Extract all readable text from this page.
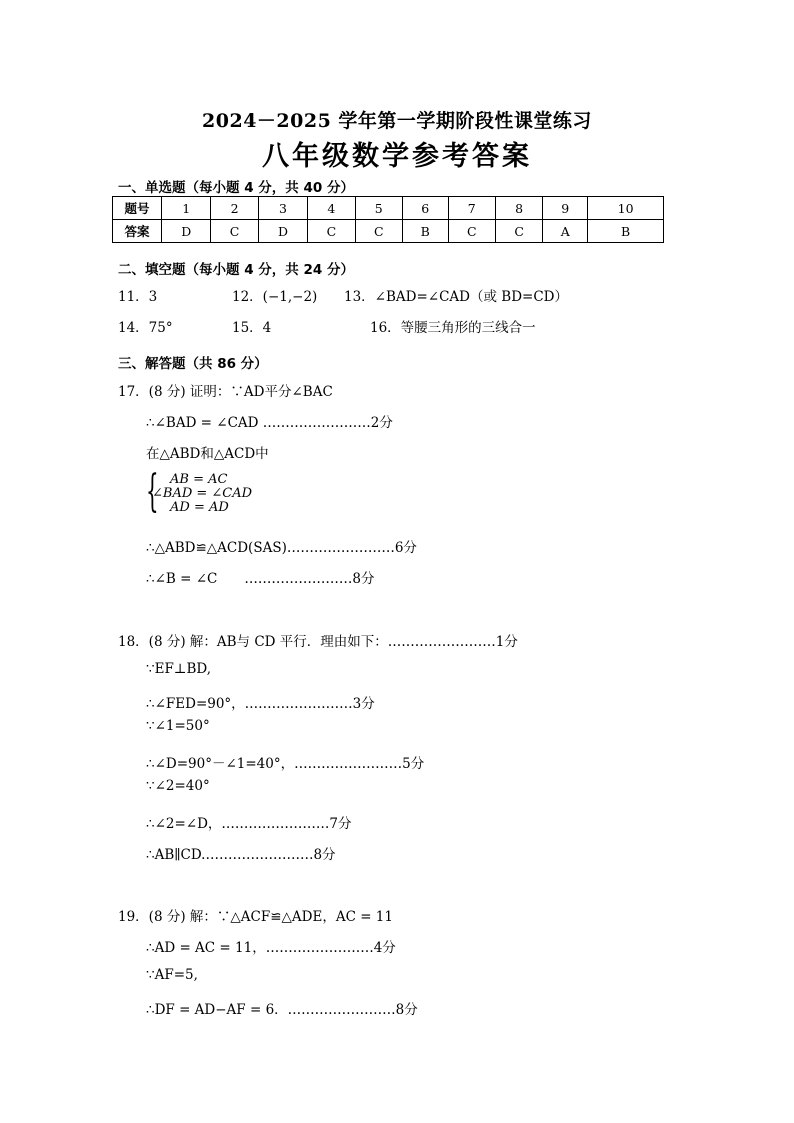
2024－2025 学年第一学期阶段性课堂练习
八年级数学参考答案
一、单选题（每小题 4 分，共 40 分）
题号	1	2	3	4	5	6	7	8	9	10
答案	D	C	D	C	C	B	C	C	A	B
二、填空题（每小题 4 分，共 24 分）
11．3	12．(−1,−2) 13．∠BAD=∠CAD（或 BD=CD）
14．75°	15．4	16．等腰三角形的三线合一
三、解答题（共 86 分）
17．(8 分) 证明：∵AD平分∠BAC
∴∠BAD = ∠CAD ……………………2分
在△ABD和△ACD中
{ AB = AC
∠BAD = ∠CAD
AD = AD
∴△ABD≌△ACD(SAS)……………………6分
∴∠B = ∠C　　……………………8分
18．(8 分) 解：AB与 CD 平行．理由如下：……………………1分
∵EF⊥BD,
∴∠FED=90°，……………………3分
∵∠1=50°
∴∠D=90°－∠1=40°，……………………5分
∵∠2=40°
∴∠2=∠D，……………………7分
∴AB∥CD.……………………8分
19．(8 分) 解：∵△ACF≌△ADE，AC = 11
∴AD = AC = 11，……………………4分
∵AF=5,
∴DF = AD−AF = 6．……………………8分
